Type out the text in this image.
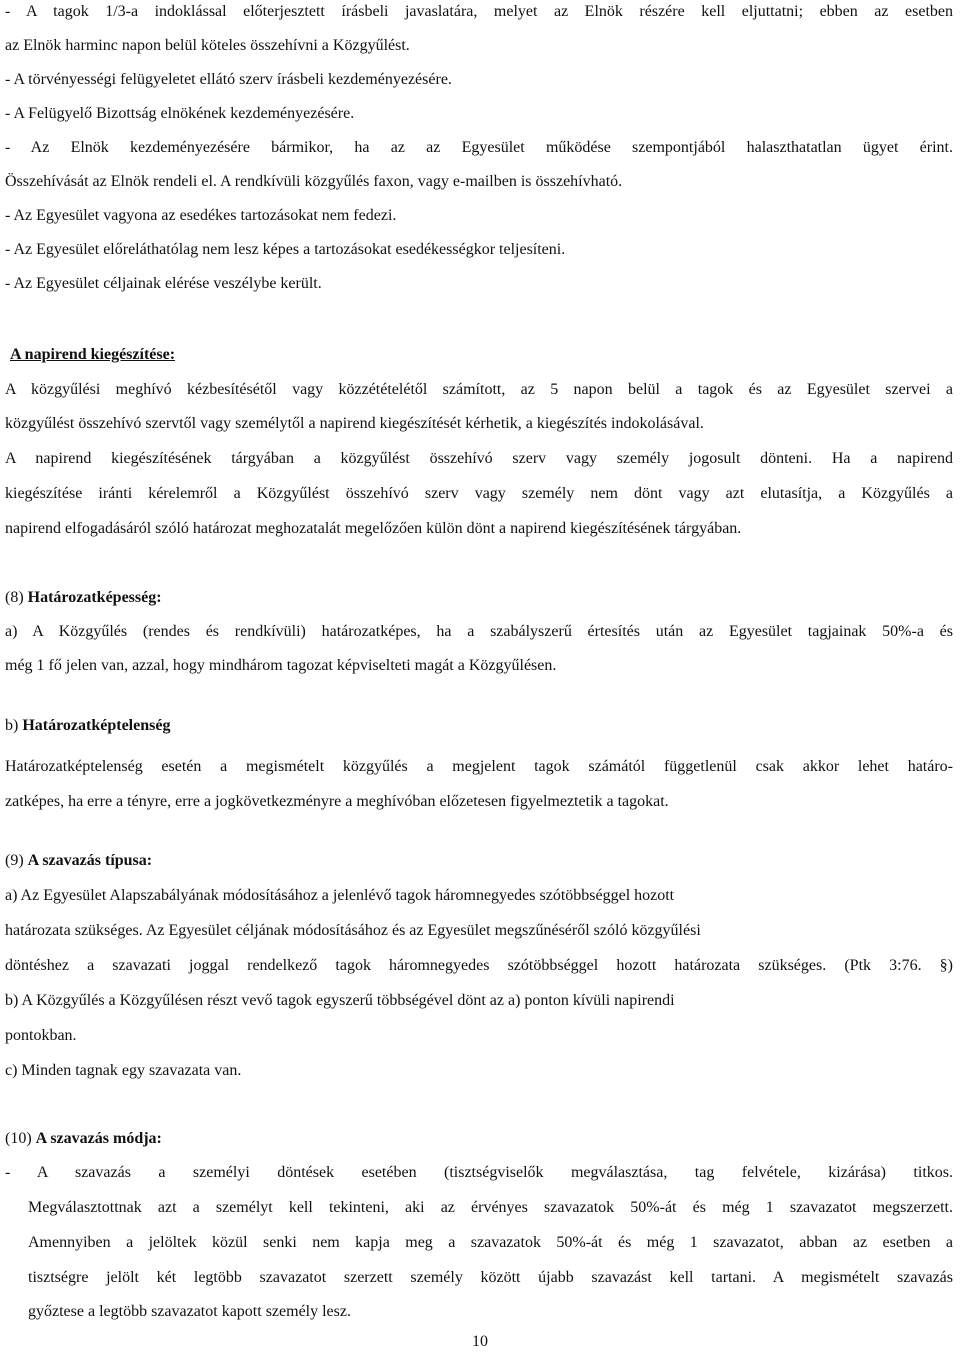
- A tagok 1/3-a indoklással előterjesztett írásbeli javaslatára, melyet az Elnök részére kell eljuttatni; ebben az esetben
az Elnök harminc napon belül köteles összehívni a Közgyűlést.
- A törvényességi felügyeletet ellátó szerv írásbeli kezdeményezésére.
- A Felügyelő Bizottság elnökének kezdeményezésére.
- Az Elnök kezdeményezésére bármikor, ha az az Egyesület működése szempontjából halaszthatatlan ügyet érint.
Összehívását az Elnök rendeli el. A rendkívüli közgyűlés faxon, vagy e-mailben is összehívható.
- Az Egyesület vagyona az esedékes tartozásokat nem fedezi.
- Az Egyesület előreláthatólag nem lesz képes a tartozásokat esedékességkor teljesíteni.
- Az Egyesület céljainak elérése veszélybe került.
A napirend kiegészítése:
A közgyűlési meghívó kézbesítésétől vagy közzétételétől számított, az 5 napon belül a tagok és az Egyesület szervei a
közgyűlést összehívó szervtől vagy személytől a napirend kiegészítését kérhetik, a kiegészítés indokolásával.
A napirend kiegészítésének tárgyában a közgyűlést összehívó szerv vagy személy jogosult dönteni. Ha a napirend
kiegészítése iránti kérelemről a Közgyűlést összehívó szerv vagy személy nem dönt vagy azt elutasítja, a Közgyűlés a
napirend elfogadásáról szóló határozat meghozatalát megelőzően külön dönt a napirend kiegészítésének tárgyában.
(8) Határozatképesség:
a) A Közgyűlés (rendes és rendkívüli) határozatképes, ha a szabályszerű értesítés után az Egyesület tagjainak 50%-a és
még 1 fő jelen van, azzal, hogy mindhárom tagozat képviselteti magát a Közgyűlésen.
b) Határozatképtelenség
Határozatképtelenség esetén a megismételt közgyűlés a megjelent tagok számától függetlenül csak akkor lehet határo-
zatképes, ha erre a tényre, erre a jogkövetkezményre a meghívóban előzetesen figyelmeztetik a tagokat.
(9) A szavazás típusa:
a) Az Egyesület Alapszabályának módosításához a jelenlévő tagok háromnegyedes szótöbbséggel hozott
határozata szükséges. Az Egyesület céljának módosításához és az Egyesület megszűnéséről szóló közgyűlési
döntéshez a szavazati joggal rendelkező tagok háromnegyedes szótöbbséggel hozott határozata szükséges. (Ptk 3:76. §)
b) A Közgyűlés a Közgyűlésen részt vevő tagok egyszerű többségével dönt az a) ponton kívüli napirendi
pontokban.
c) Minden tagnak egy szavazata van.
(10) A szavazás módja:
- A szavazás a személyi döntések esetében (tisztségviselők megválasztása, tag felvétele, kizárása) titkos.
Megválasztottnak azt a személyt kell tekinteni, aki az érvényes szavazatok 50%-át és még 1 szavazatot megszerzett.
Amennyiben a jelöltek közül senki nem kapja meg a szavazatok 50%-át és még 1 szavazatot, abban az esetben a
tisztségre jelölt két legtöbb szavazatot szerzett személy között újabb szavazást kell tartani. A megismételt szavazás
győztese a legtöbb szavazatot kapott személy lesz.
10
